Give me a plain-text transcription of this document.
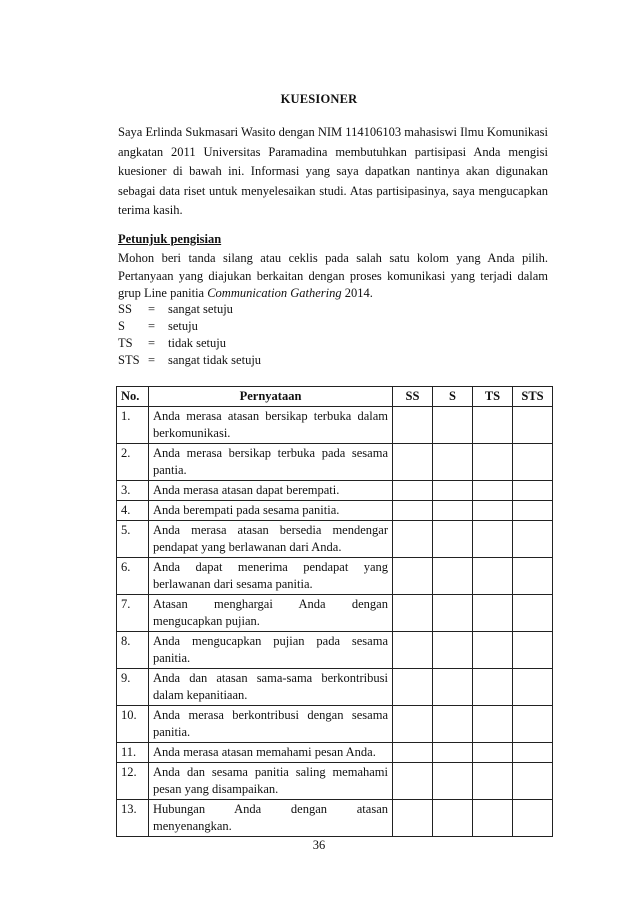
KUESIONER

Saya Erlinda Sukmasari Wasito dengan NIM 114106103 mahasiswi Ilmu Komunikasi angkatan 2011 Universitas Paramadina membutuhkan partisipasi Anda mengisi kuesioner di bawah ini. Informasi yang saya dapatkan nantinya akan digunakan sebagai data riset untuk menyelesaikan studi. Atas partisipasinya, saya mengucapkan terima kasih.

Petunjuk pengisian

Mohon beri tanda silang atau ceklis pada salah satu kolom yang Anda pilih. Pertanyaan yang diajukan berkaitan dengan proses komunikasi yang terjadi dalam grup Line panitia Communication Gathering 2014.

SS	=	sangat setuju
S	=	setuju
TS	=	tidak setuju
STS =	sangat tidak setuju
No.	Pernyataan	SS	S	TS	STS
1.	Anda merasa atasan bersikap terbuka dalam berkomunikasi.				
2.	Anda merasa bersikap terbuka pada sesama pantia.				
3.	Anda merasa atasan dapat berempati.				
4.	Anda berempati pada sesama panitia.				
5.	Anda merasa atasan bersedia mendengar pendapat yang berlawanan dari Anda.				
6.	Anda dapat menerima pendapat yang berlawanan dari sesama panitia.				
7.	Atasan menghargai Anda dengan mengucapkan pujian.				
8.	Anda mengucapkan pujian pada sesama panitia.				
9.	Anda dan atasan sama-sama berkontribusi dalam kepanitiaan.				
10.	Anda merasa berkontribusi dengan sesama panitia.				
11.	Anda merasa atasan memahami pesan Anda.				
12.	Anda dan sesama panitia saling memahami pesan yang disampaikan.				
13.	Hubungan Anda dengan atasan menyenangkan.				
36
